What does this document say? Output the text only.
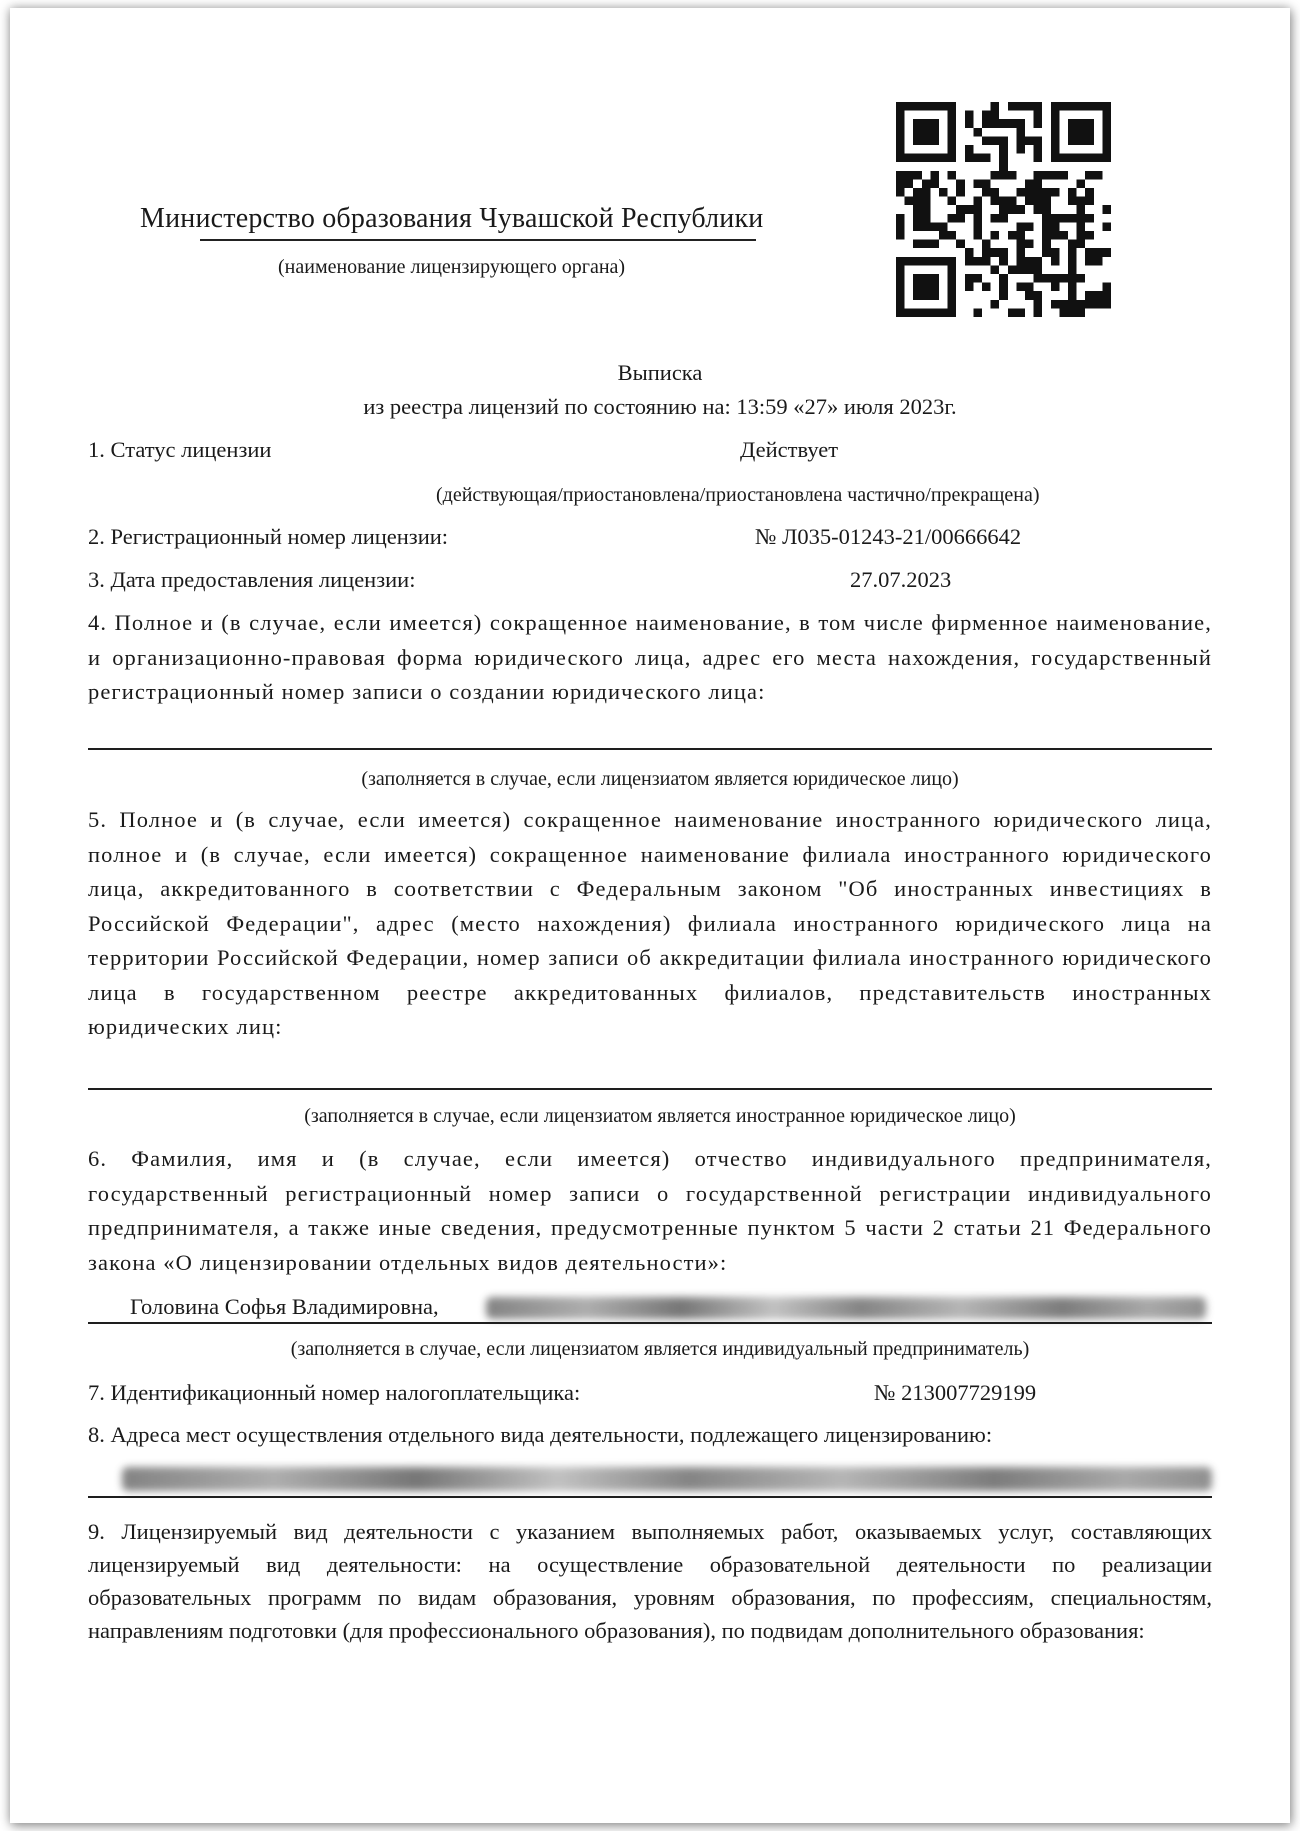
Министерство образования Чувашской Республики
(наименование лицензирующего органа)
Выписка
из реестра лицензий по состоянию на: 13:59 «27» июля 2023г.
1. Статус лицензии	Действует
(действующая/приостановлена/приостановлена частично/прекращена)
2. Регистрационный номер лицензии:	№ Л035-01243-21/00666642
3. Дата предоставления лицензии:	27.07.2023
4. Полное и (в случае, если имеется) сокращенное наименование, в том числе фирменное наименование, и организационно-правовая форма юридического лица, адрес его места нахождения, государственный регистрационный номер записи о создании юридического лица:
(заполняется в случае, если лицензиатом является юридическое лицо)
5. Полное и (в случае, если имеется) сокращенное наименование иностранного юридического лица, полное и (в случае, если имеется) сокращенное наименование филиала иностранного юридического лица, аккредитованного в соответствии с Федеральным законом "Об иностранных инвестициях в Российской Федерации", адрес (место нахождения) филиала иностранного юридического лица на территории Российской Федерации, номер записи об аккредитации филиала иностранного юридического лица в государственном реестре аккредитованных филиалов, представительств иностранных юридических лиц:
(заполняется в случае, если лицензиатом является иностранное юридическое лицо)
6. Фамилия, имя и (в случае, если имеется) отчество индивидуального предпринимателя, государственный регистрационный номер записи о государственной регистрации индивидуального предпринимателя, а также иные сведения, предусмотренные пунктом 5 части 2 статьи 21 Федерального закона «О лицензировании отдельных видов деятельности»:
Головина Софья Владимировна,
(заполняется в случае, если лицензиатом является индивидуальный предприниматель)
7. Идентификационный номер налогоплательщика:	№ 213007729199
8. Адреса мест осуществления отдельного вида деятельности, подлежащего лицензированию:
9. Лицензируемый вид деятельности с указанием выполняемых работ, оказываемых услуг, составляющих лицензируемый вид деятельности: на осуществление образовательной деятельности по реализации образовательных программ по видам образования, уровням образования, по профессиям, специальностям, направлениям подготовки (для профессионального образования), по подвидам дополнительного образования:
